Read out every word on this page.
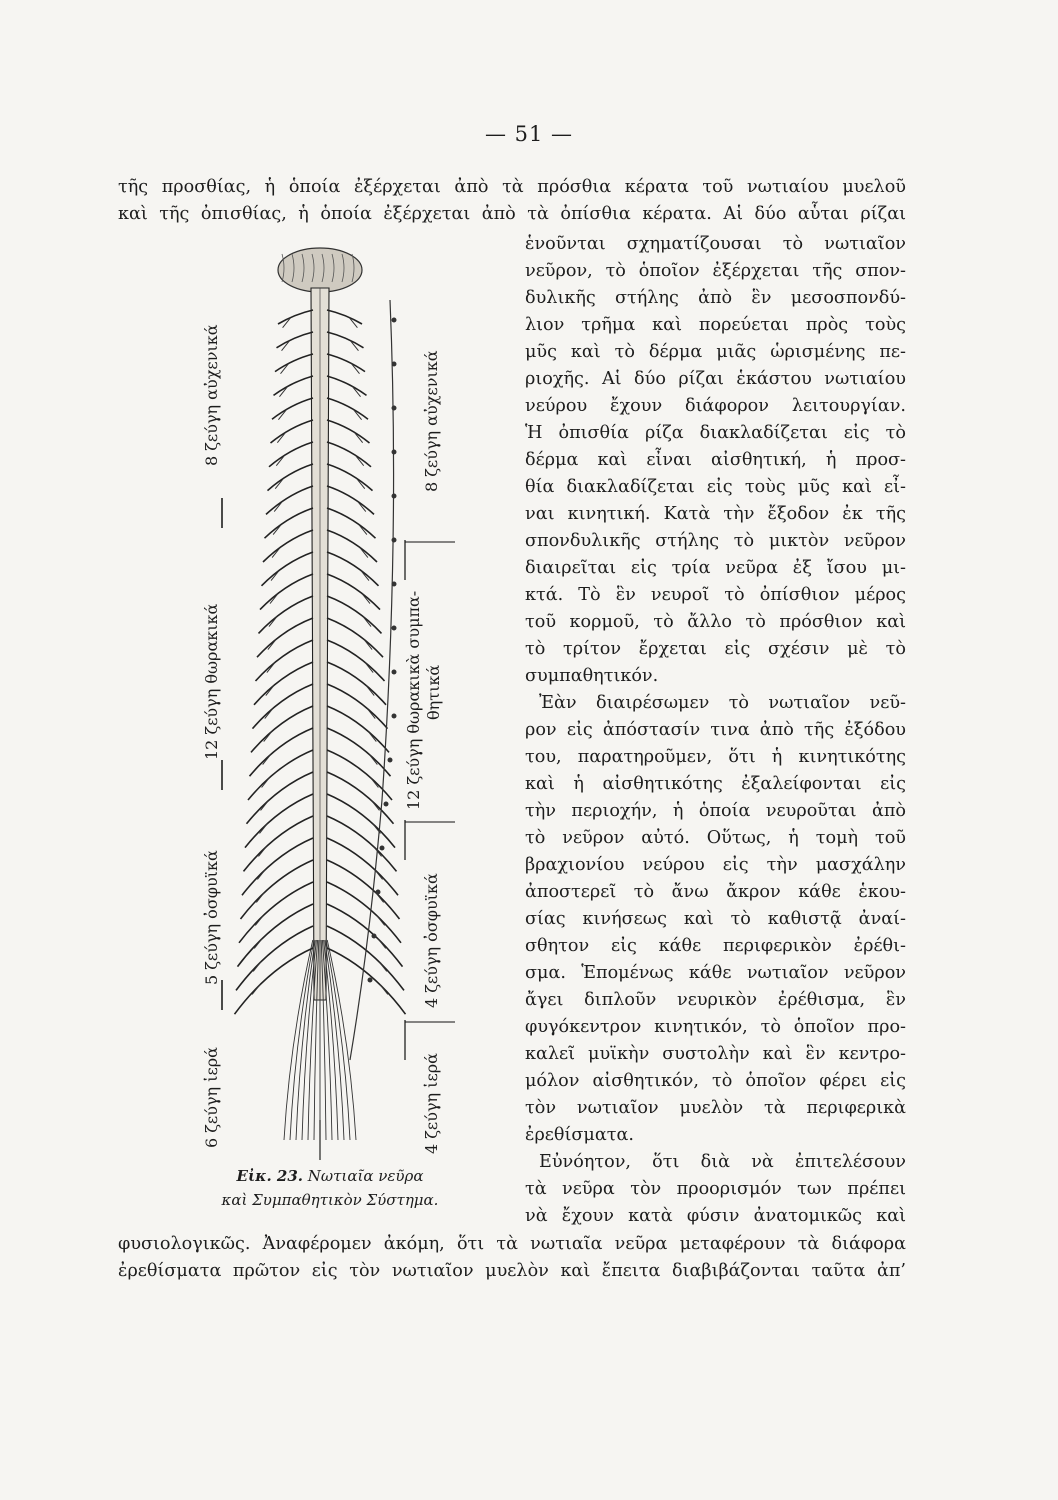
— 51 —
τῆς προσθίας, ἡ ὁποία ἐξέρχεται ἀπὸ τὰ πρόσθια κέρατα τοῦ νωτιαίου μυελοῦ
καὶ τῆς ὀπισθίας, ἡ ὁποία ἐξέρχεται ἀπὸ τὰ ὀπίσθια κέρατα. Αἱ δύο αὗται ρίζαι
ἑνοῦνται σχηματίζουσαι τὸ νωτιαῖον
νεῦρον, τὸ ὁποῖον ἐξέρχεται τῆς σπον-
δυλικῆς στήλης ἀπὸ ἓν μεσοσπονδύ-
λιον τρῆμα καὶ πορεύεται πρὸς τοὺς
μῦς καὶ τὸ δέρμα μιᾶς ὡρισμένης πε-
ριοχῆς. Αἱ δύο ρίζαι ἑκάστου νωτιαίου
νεύρου ἔχουν διάφορον λειτουργίαν.
Ἡ ὀπισθία ρίζα διακλαδίζεται εἰς τὸ
δέρμα καὶ εἶναι αἰσθητική, ἡ προσ-
θία διακλαδίζεται εἰς τοὺς μῦς καὶ εἶ-
ναι κινητική. Κατὰ τὴν ἔξοδον ἐκ τῆς
σπονδυλικῆς στήλης τὸ μικτὸν νεῦρον
διαιρεῖται εἰς τρία νεῦρα ἐξ ἴσου μι-
κτά. Τὸ ἓν νευροῖ τὸ ὀπίσθιον μέρος
τοῦ κορμοῦ, τὸ ἄλλο τὸ πρόσθιον καὶ
τὸ τρίτον ἔρχεται εἰς σχέσιν μὲ τὸ
συμπαθητικόν.
Ἐὰν διαιρέσωμεν τὸ νωτιαῖον νεῦ-
ρον εἰς ἀπόστασίν τινα ἀπὸ τῆς ἐξόδου
του, παρατηροῦμεν, ὅτι ἡ κινητικότης
καὶ ἡ αἰσθητικότης ἐξαλείφονται εἰς
τὴν περιοχήν, ἡ ὁποία νευροῦται ἀπὸ
τὸ νεῦρον αὐτό. Οὕτως, ἡ τομὴ τοῦ
βραχιονίου νεύρου εἰς τὴν μασχάλην
ἀποστερεῖ τὸ ἄνω ἄκρον κάθε ἑκου-
σίας κινήσεως καὶ τὸ καθιστᾷ ἀναί-
σθητον εἰς κάθε περιφερικὸν ἐρέθι-
σμα. Ἑπομένως κάθε νωτιαῖον νεῦρον
ἄγει διπλοῦν νευρικὸν ἐρέθισμα, ἓν
φυγόκεντρον κινητικόν, τὸ ὁποῖον προ-
καλεῖ μυϊκὴν συστολὴν καὶ ἓν κεντρο-
μόλον αἰσθητικόν, τὸ ὁποῖον φέρει εἰς
τὸν νωτιαῖον μυελὸν τὰ περιφερικὰ
ἐρεθίσματα.
Εὐνόητον, ὅτι διὰ νὰ ἐπιτελέσουν
τὰ νεῦρα τὸν προορισμόν των πρέπει
νὰ ἔχουν κατὰ φύσιν ἀνατομικῶς καὶ
φυσιολογικῶς. Ἀναφέρομεν ἀκόμη, ὅτι τὰ νωτιαῖα νεῦρα μεταφέρουν τὰ διάφορα
ἐρεθίσματα πρῶτον εἰς τὸν νωτιαῖον μυελὸν καὶ ἔπειτα διαβιβάζονται ταῦτα ἀπ’
8 ζεύγη αὐχενικά
12 ζεύγη θωρακικά
5 ζεύγη ὀσφυϊκά
6 ζεύγη ἱερά
8 ζεύγη αὐχενικά
12 ζεύγη θωρακικὰ συμπα- θητικά
4 ζεύγη ὀσφυϊκά
4 ζεύγη ἱερά
Εἰκ. 23. Νωτιαῖα νεῦρα
καὶ Συμπαθητικὸν Σύστημα.
